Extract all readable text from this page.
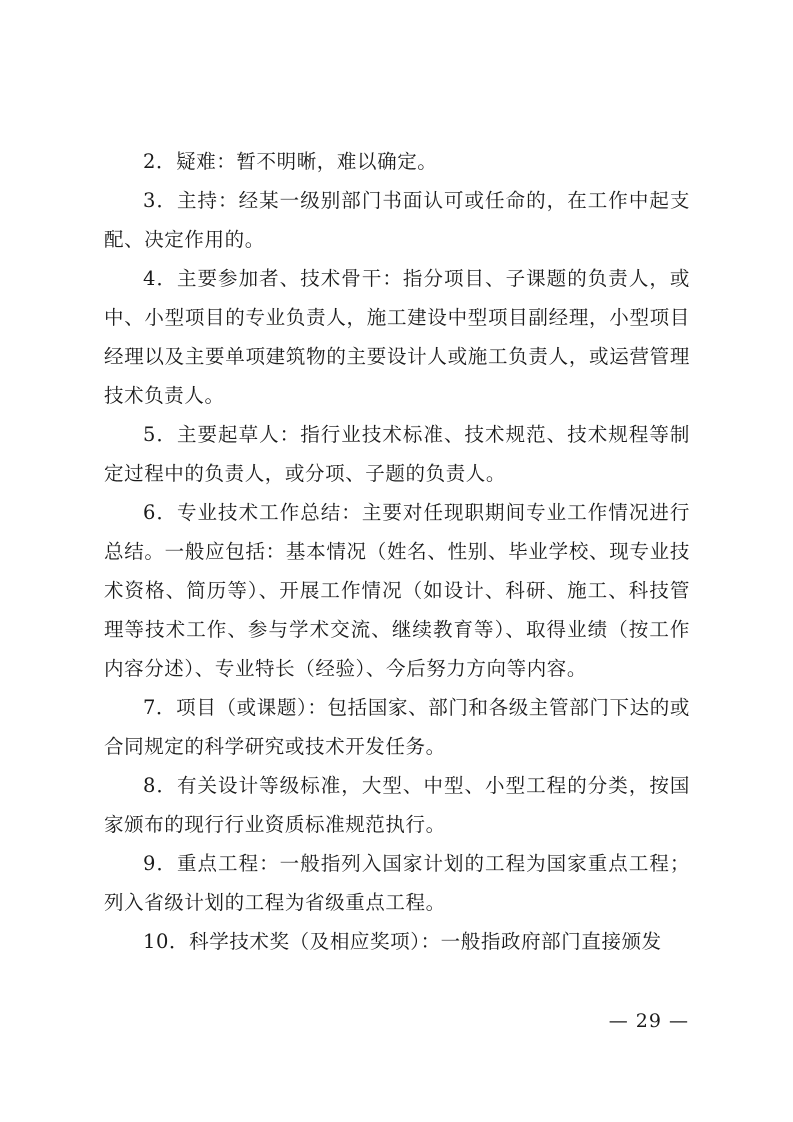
2．疑难：暂不明晰，难以确定。

3．主持：经某一级别部门书面认可或任命的，在工作中起支配、决定作用的。

4．主要参加者、技术骨干：指分项目、子课题的负责人，或中、小型项目的专业负责人，施工建设中型项目副经理，小型项目经理以及主要单项建筑物的主要设计人或施工负责人，或运营管理技术负责人。

5．主要起草人：指行业技术标准、技术规范、技术规程等制定过程中的负责人，或分项、子题的负责人。

6．专业技术工作总结：主要对任现职期间专业工作情况进行总结。一般应包括：基本情况（姓名、性别、毕业学校、现专业技术资格、简历等）、开展工作情况（如设计、科研、施工、科技管理等技术工作、参与学术交流、继续教育等）、取得业绩（按工作内容分述）、专业特长（经验）、今后努力方向等内容。

7．项目（或课题）：包括国家、部门和各级主管部门下达的或合同规定的科学研究或技术开发任务。

8．有关设计等级标准，大型、中型、小型工程的分类，按国家颁布的现行行业资质标准规范执行。

9．重点工程：一般指列入国家计划的工程为国家重点工程；列入省级计划的工程为省级重点工程。

10．科学技术奖（及相应奖项）：一般指政府部门直接颁发

— 29 —
